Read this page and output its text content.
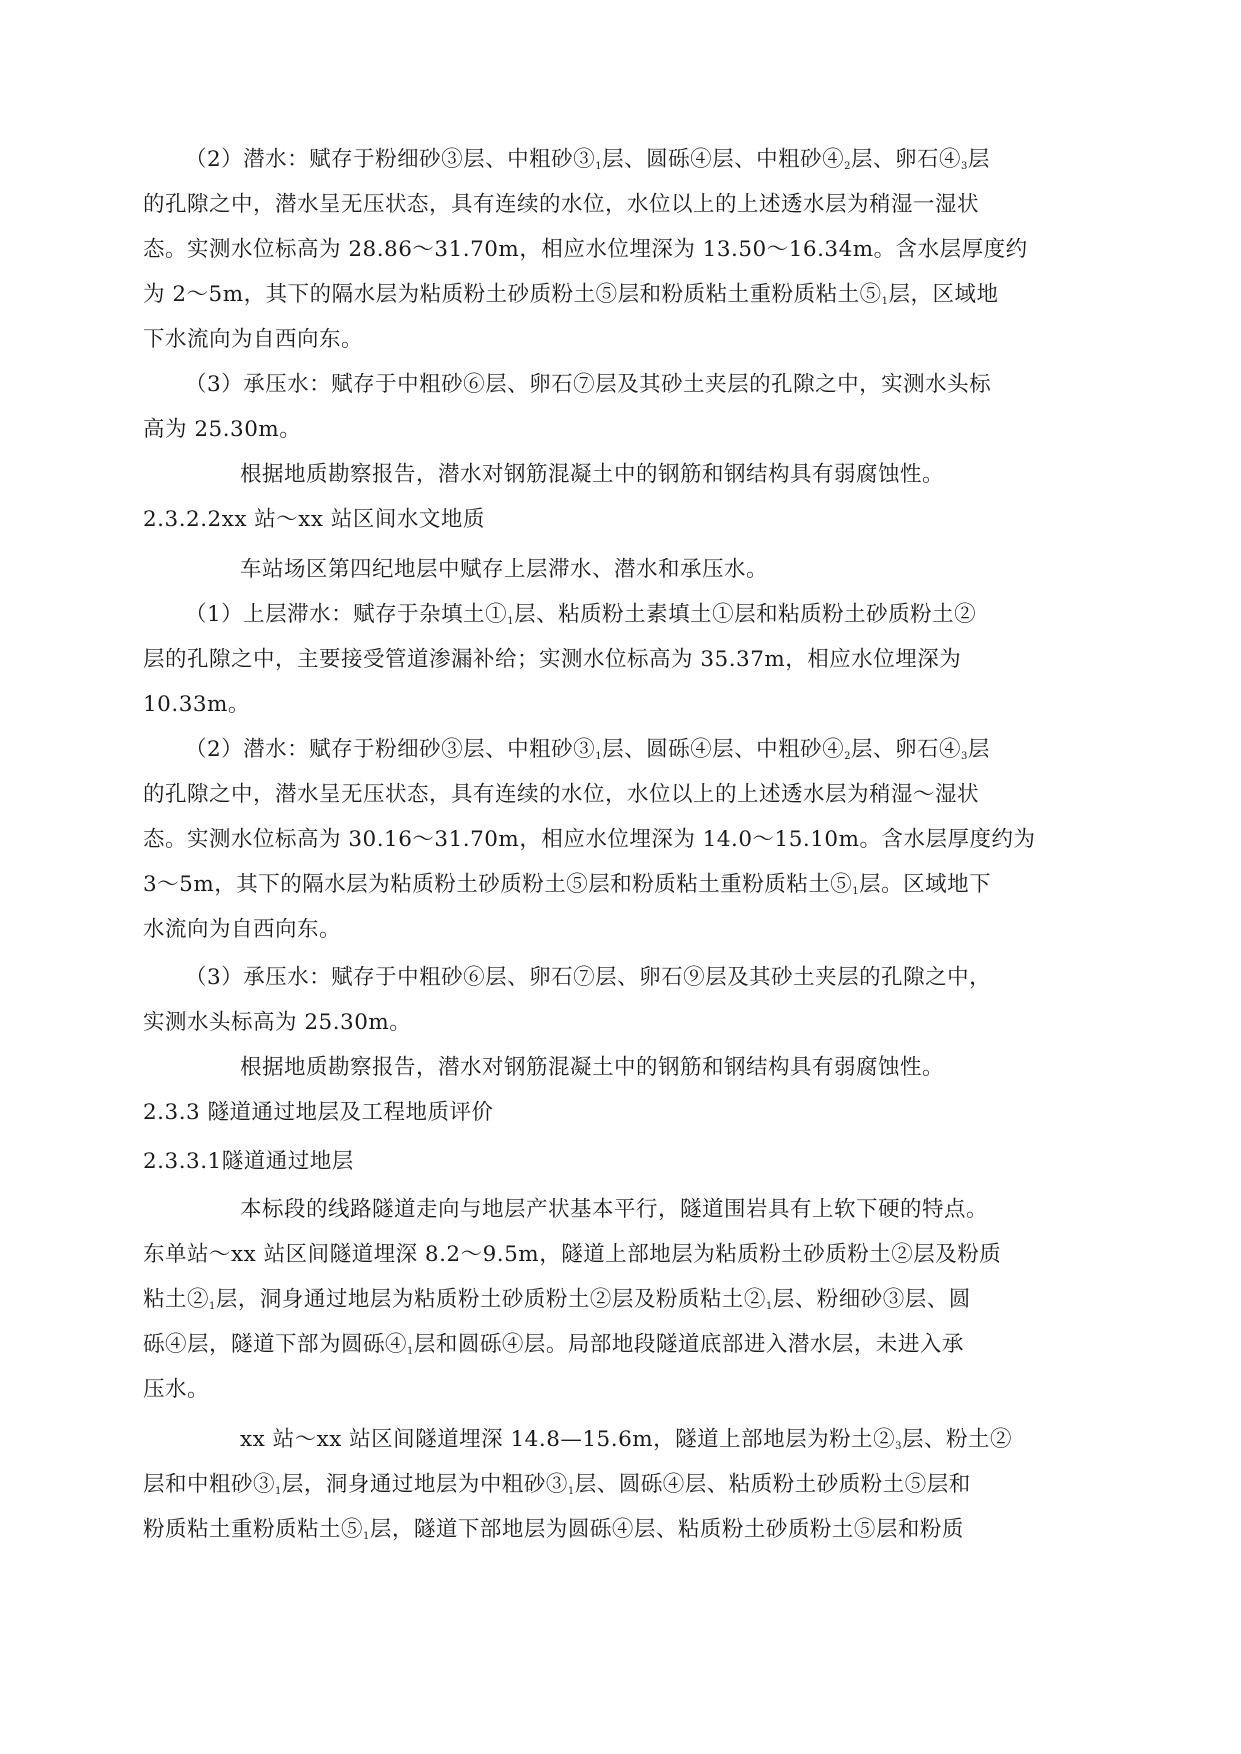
（2）潜水：赋存于粉细砂③层、中粗砂$③_1$层、圆砾④层、中粗砂$④_2$层、卵石$④_3$层
的孔隙之中，潜水呈无压状态，具有连续的水位，水位以上的上述透水层为稍湿一湿状
态。实测水位标高为 28.86～31.70m，相应水位埋深为 13.50～16.34m。含水层厚度约
为 2～5m，其下的隔水层为粘质粉土砂质粉土⑤层和粉质粘土重粉质粘土$⑤_1$层，区域地
下水流向为自西向东。
（3）承压水：赋存于中粗砂⑥层、卵石⑦层及其砂土夹层的孔隙之中，实测水头标
高为 25.30m。
根据地质勘察报告，潜水对钢筋混凝土中的钢筋和钢结构具有弱腐蚀性。
2.3.2.2xx 站～xx 站区间水文地质
车站场区第四纪地层中赋存上层滞水、潜水和承压水。
（1）上层滞水：赋存于杂填土$①_1$层、粘质粉土素填土①层和粘质粉土砂质粉土②
层的孔隙之中，主要接受管道渗漏补给；实测水位标高为 35.37m，相应水位埋深为
10.33m。
（2）潜水：赋存于粉细砂③层、中粗砂$③_1$层、圆砾④层、中粗砂$④_2$层、卵石$④_3$层
的孔隙之中，潜水呈无压状态，具有连续的水位，水位以上的上述透水层为稍湿～湿状
态。实测水位标高为 30.16～31.70m，相应水位埋深为 14.0～15.10m。含水层厚度约为
3～5m，其下的隔水层为粘质粉土砂质粉土⑤层和粉质粘土重粉质粘土$⑤_1$层。区域地下
水流向为自西向东。
（3）承压水：赋存于中粗砂⑥层、卵石⑦层、卵石⑨层及其砂土夹层的孔隙之中，
实测水头标高为 25.30m。
根据地质勘察报告，潜水对钢筋混凝土中的钢筋和钢结构具有弱腐蚀性。
2.3.3 隧道通过地层及工程地质评价
2.3.3.1隧道通过地层
本标段的线路隧道走向与地层产状基本平行，隧道围岩具有上软下硬的特点。
东单站～xx 站区间隧道埋深 8.2～9.5m，隧道上部地层为粘质粉土砂质粉土②层及粉质
粘土$②_1$层，洞身通过地层为粘质粉土砂质粉土②层及粉质粘土$②_1$层、粉细砂③层、圆
砾④层，隧道下部为圆砾$④_1$层和圆砾④层。局部地段隧道底部进入潜水层，未进入承
压水。
xx 站～xx 站区间隧道埋深 14.8—15.6m，隧道上部地层为粉土$②_3$层、粉土②
层和中粗砂$③_1$层，洞身通过地层为中粗砂$③_1$层、圆砾④层、粘质粉土砂质粉土⑤层和
粉质粘土重粉质粘土$⑤_1$层，隧道下部地层为圆砾④层、粘质粉土砂质粉土⑤层和粉质
